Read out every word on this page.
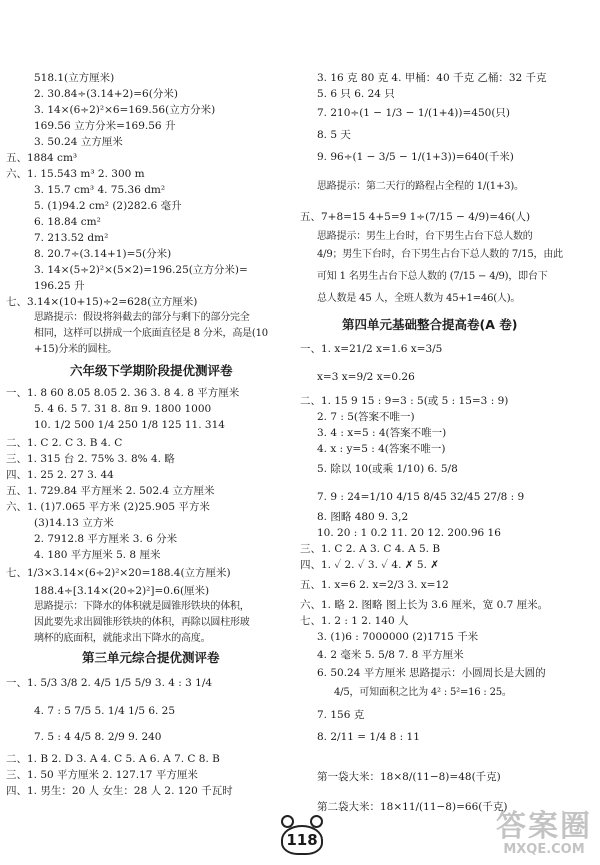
518.1(立方厘米)
2. 30.84÷(3.14+2)=6(分米)
3. 14×(6÷2)²×6=169.56(立方分米)
169.56 立方分米=169.56 升
3. 50.24 立方厘米
五、1884 cm³
六、1. 15.543 m³ 2. 300 m
3. 15.7 cm³ 4. 75.36 dm²
5. (1)94.2 cm² (2)282.6 毫升
6. 18.84 cm²
7. 213.52 dm²
8. 20.7÷(3.14+1)=5(分米)
3. 14×(5÷2)²×(5×2)=196.25(立方分米)=
196.25 升
七、3.14×(10+15)÷2=628(立方厘米)
思路提示：假设将斜截去的部分与剩下的部分完全
相同，这样可以拼成一个底面直径是 8 分米，高是(10
+15)分米的圆柱。
六年级下学期阶段提优测评卷
一、1. 8 60 8.05 8.05 2. 36 3. 8 4. 8 平方厘米
5. 4 6. 5 7. 31 8. 8π 9. 1800 1000
10. 1/2 500 1/4 250 1/8 125 11. 314
二、1. C 2. C 3. B 4. C
三、1. 315 台 2. 75% 3. 8% 4. 略
四、1. 25 2. 27 3. 44
五、1. 729.84 平方厘米 2. 502.4 立方厘米
六、1. (1)7.065 平方米 (2)25.905 平方米
(3)14.13 立方米
2. 7912.8 平方厘米 3. 6 分米
4. 180 平方厘米 5. 8 厘米
七、1/3×3.14×(6÷2)²×20=188.4(立方厘米)
188.4÷[3.14×(20÷2)²]=0.6(厘米)
思路提示：下降水的体积就是圆锥形铁块的体积，
因此要先求出圆锥形铁块的体积，再除以圆柱形玻
璃杯的底面积，就能求出下降水的高度。
第三单元综合提优测评卷
一、1. 5/3 3/8 2. 4/5 1/5 5/9 3. 4 : 3 1/4
4. 7 : 5 7/5 5. 1/4 1/5 6. 25
7. 5 : 4 4/5 8. 2/9 9. 240
二、1. B 2. D 3. A 4. C 5. A 6. A 7. C 8. B
三、1. 50 平方厘米 2. 127.17 平方厘米
四、1. 男生：20 人 女生：28 人 2. 120 千瓦时
3. 16 克 80 克 4. 甲桶：40 千克 乙桶：32 千克
5. 6 只 6. 24 只
7. 210÷(1 − 1/3 − 1/(1+4))=450(只)
8. 5 天
9. 96÷(1 − 3/5 − 1/(1+3))=640(千米)
思路提示：第二天行的路程占全程的 1/(1+3)。
五、7+8=15 4+5=9 1÷(7/15 − 4/9)=46(人)
思路提示：男生上台时，台下男生占台下总人数的
4/9；男生下台时，台下男生占台下总人数的 7/15，由此
可知 1 名男生占台下总人数的 (7/15 − 4/9)，即台下
总人数是 45 人，全班人数为 45+1=46(人)。
第四单元基础整合提高卷(A 卷)
一、1. x=21/2 x=1.6 x=3/5
x=3 x=9/2 x=0.26
二、1. 15 9 15 : 9=3 : 5(或 5 : 15=3 : 9)
2. 7 : 5(答案不唯一)
3. 4 : x=5 : 4(答案不唯一)
4. x : y=5 : 4(答案不唯一)
5. 除以 10(或乘 1/10) 6. 5/8
7. 9 : 24=1/10 4/15 8/45 32/45 27/8 : 9
8. 图略 480 9. 3,2
10. 20 : 1 0.2 11. 20 12. 200.96 16
三、1. C 2. A 3. C 4. A 5. B
四、1. ✓ 2. ✓ 3. ✓ 4. ✗ 5. ✗
五、1. x=6 2. x=2/3 3. x=12
六、1. 略 2. 图略 图上长为 3.6 厘米，宽 0.7 厘米。
七、1. 2 : 1 2. 140 人
3. (1)6 : 7000000 (2)1715 千米
4. 2 毫米 5. 5/8 7. 8 平方厘米
6. 50.24 平方厘米 思路提示：小圆周长是大圆的
4/5，可知面积之比为 4² : 5²=16 : 25。
7. 156 克
8. 2/11 = 1/4 8 : 11
第一袋大米：18×8/(11−8)=48(千克)
第二袋大米：18×11/(11−8)=66(千克)
118	答案圈
MXQE.COM
